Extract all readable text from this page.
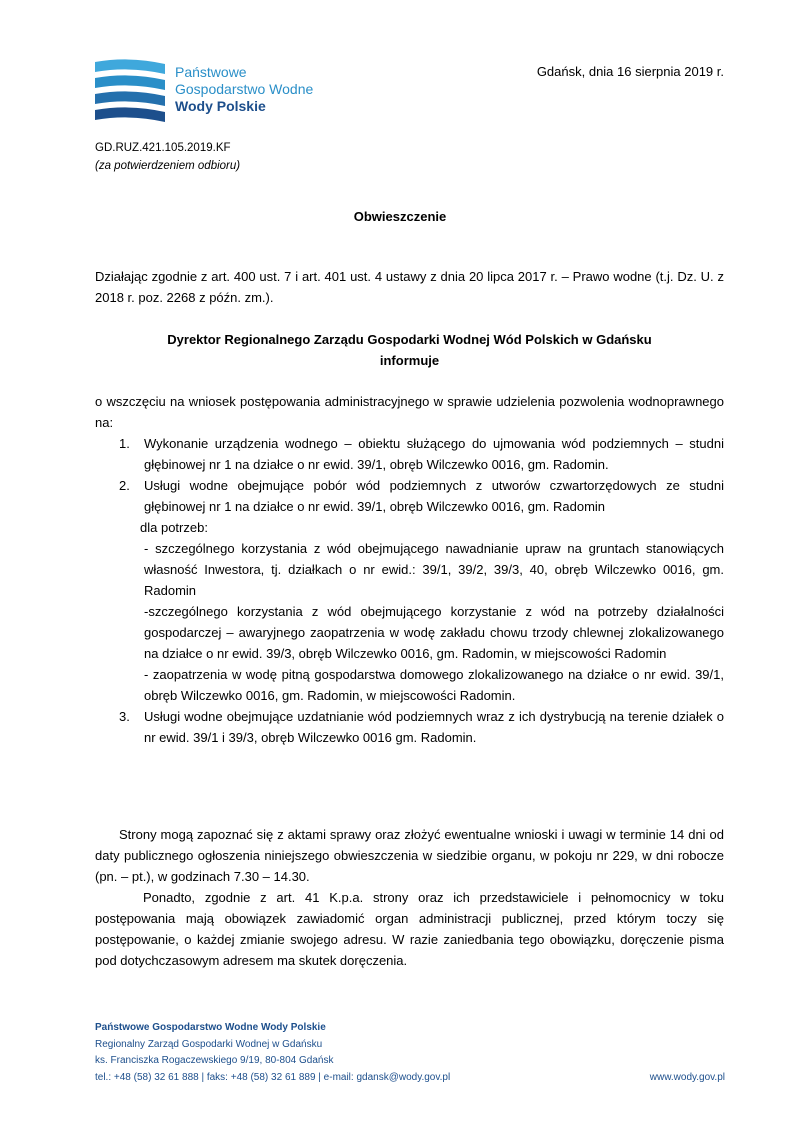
Państwowe
Gospodarstwo Wodne
Wody Polskie
Gdańsk, dnia 16 sierpnia 2019 r.
GD.RUZ.421.105.2019.KF
(za potwierdzeniem odbioru)
Obwieszczenie
Działając zgodnie z art. 400 ust. 7 i art. 401 ust. 4 ustawy z dnia 20 lipca 2017 r. – Prawo wodne (t.j. Dz. U. z 2018 r. poz. 2268 z późn. zm.).
Dyrektor Regionalnego Zarządu Gospodarki Wodnej Wód Polskich w Gdańsku
informuje
o wszczęciu na wniosek postępowania administracyjnego w sprawie udzielenia pozwolenia wodnoprawnego na:
1. Wykonanie urządzenia wodnego – obiektu służącego do ujmowania wód podziemnych – studni głębinowej nr 1 na działce o nr ewid. 39/1, obręb Wilczewko 0016, gm. Radomin.
2. Usługi wodne obejmujące pobór wód podziemnych z utworów czwartorzędowych ze studni głębinowej nr 1 na działce o nr ewid. 39/1, obręb Wilczewko 0016, gm. Radomin
dla potrzeb:
- szczególnego korzystania z wód obejmującego nawadnianie upraw na gruntach stanowiących własność Inwestora, tj. działkach o nr ewid.: 39/1, 39/2, 39/3, 40, obręb Wilczewko 0016, gm. Radomin
-szczególnego korzystania z wód obejmującego korzystanie z wód na potrzeby działalności gospodarczej – awaryjnego zaopatrzenia w wodę zakładu chowu trzody chlewnej zlokalizowanego na działce o nr ewid. 39/3, obręb Wilczewko 0016, gm. Radomin, w miejscowości Radomin
- zaopatrzenia w wodę pitną gospodarstwa domowego zlokalizowanego na działce o nr ewid. 39/1, obręb Wilczewko 0016, gm. Radomin, w miejscowości Radomin.
3. Usługi wodne obejmujące uzdatnianie wód podziemnych wraz z ich dystrybucją na terenie działek o nr ewid. 39/1 i 39/3, obręb Wilczewko 0016 gm. Radomin.
Strony mogą zapoznać się z aktami sprawy oraz złożyć ewentualne wnioski i uwagi w terminie 14 dni od daty publicznego ogłoszenia niniejszego obwieszczenia w siedzibie organu, w pokoju nr 229, w dni robocze (pn. – pt.), w godzinach 7.30 – 14.30.
Ponadto, zgodnie z art. 41 K.p.a. strony oraz ich przedstawiciele i pełnomocnicy w toku postępowania mają obowiązek zawiadomić organ administracji publicznej, przed którym toczy się postępowanie, o każdej zmianie swojego adresu. W razie zaniedbania tego obowiązku, doręczenie pisma pod dotychczasowym adresem ma skutek doręczenia.
Państwowe Gospodarstwo Wodne Wody Polskie
Regionalny Zarząd Gospodarki Wodnej w Gdańsku
ks. Franciszka Rogaczewskiego 9/19, 80-804 Gdańsk
tel.: +48 (58) 32 61 888 | faks: +48 (58) 32 61 889 | e-mail: gdansk@wody.gov.pl	www.wody.gov.pl
